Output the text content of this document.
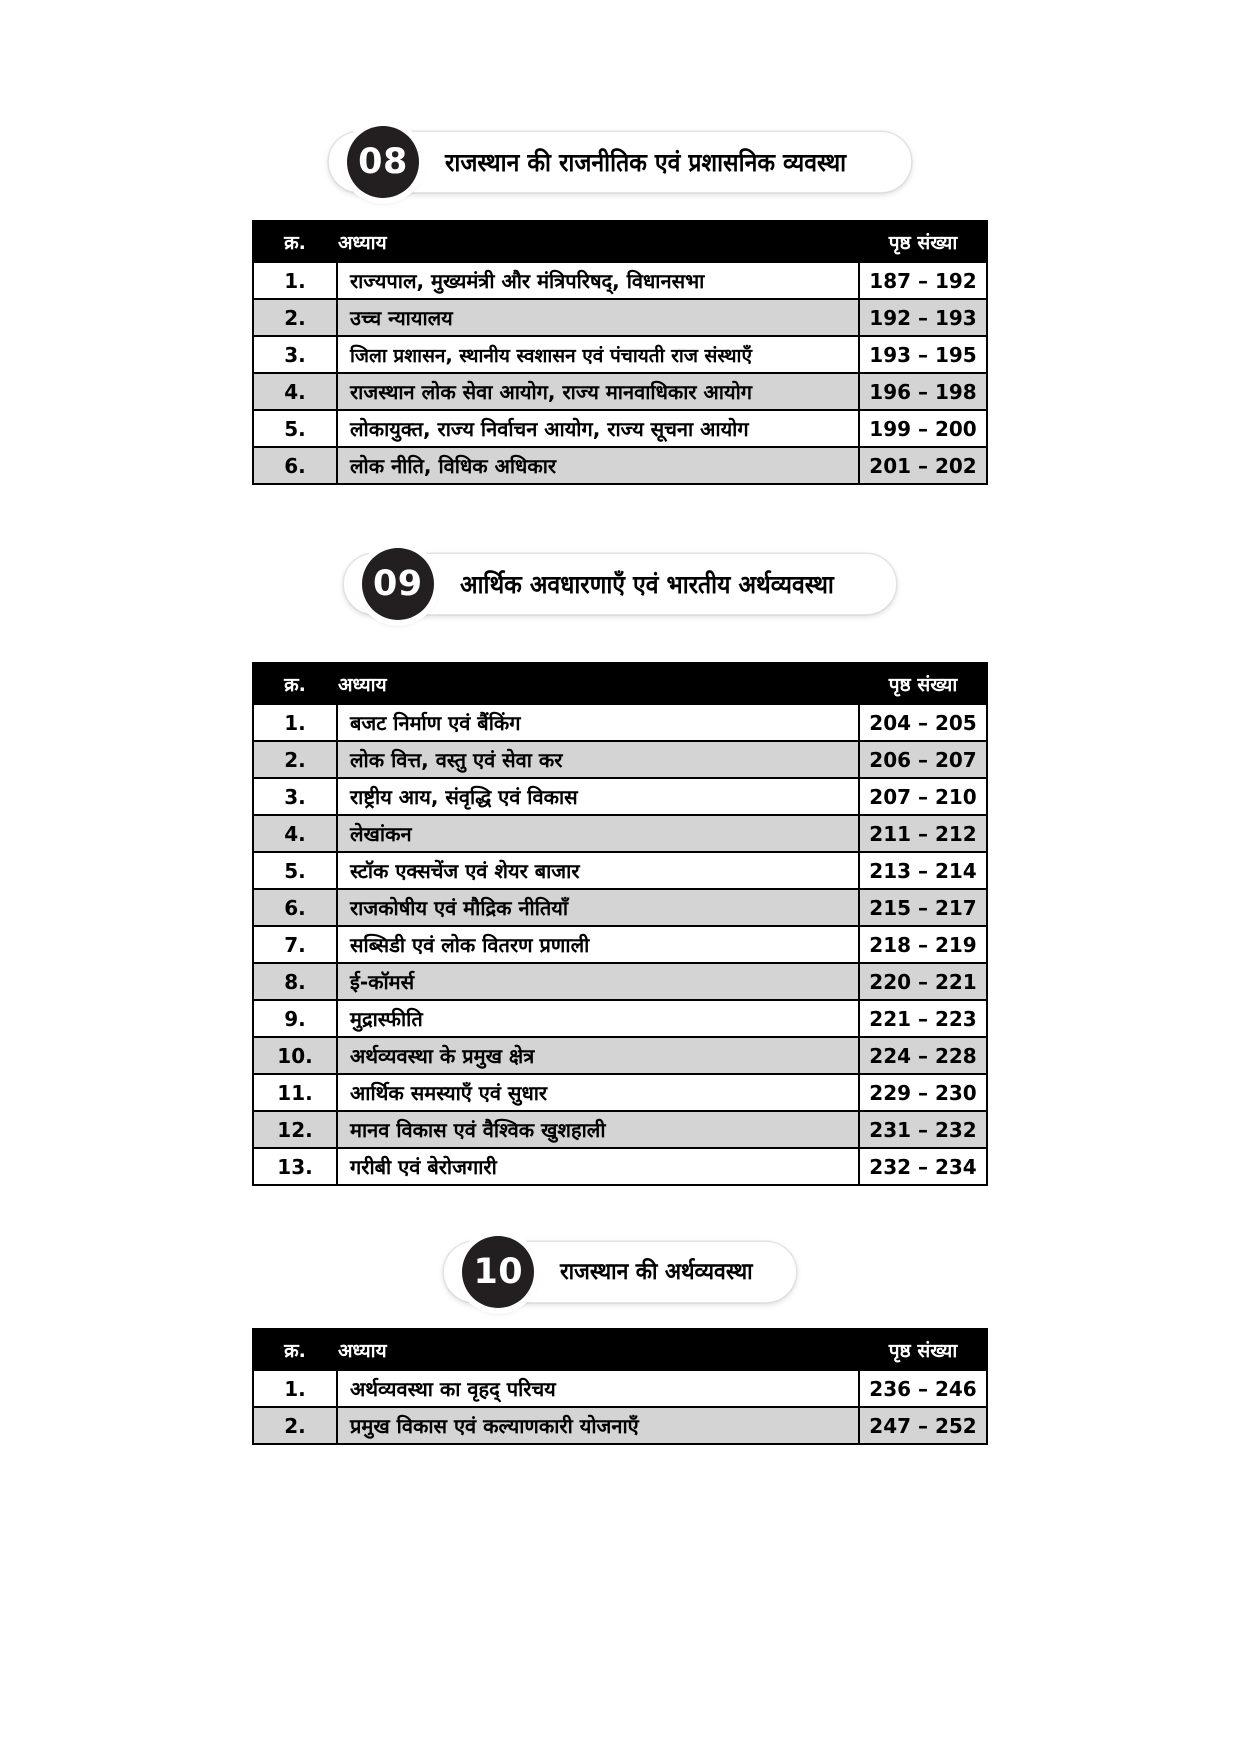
08	राजस्थान की राजनीतिक एवं प्रशासनिक व्यवस्था
क्र.	अध्याय	पृष्ठ संख्या
1.	राज्यपाल, मुख्यमंत्री और मंत्रिपरिषद्, विधानसभा	187 – 192
2.	उच्च न्यायालय	192 – 193
3.	जिला प्रशासन, स्थानीय स्वशासन एवं पंचायती राज संस्थाएँ	193 – 195
4.	राजस्थान लोक सेवा आयोग, राज्य मानवाधिकार आयोग	196 – 198
5.	लोकायुक्त, राज्य निर्वाचन आयोग, राज्य सूचना आयोग	199 – 200
6.	लोक नीति, विधिक अधिकार	201 – 202
09	आर्थिक अवधारणाएँ एवं भारतीय अर्थव्यवस्था
क्र.	अध्याय	पृष्ठ संख्या
1.	बजट निर्माण एवं बैंकिंग	204 – 205
2.	लोक वित्त, वस्तु एवं सेवा कर	206 – 207
3.	राष्ट्रीय आय, संवृद्धि एवं विकास	207 – 210
4.	लेखांकन	211 – 212
5.	स्टॉक एक्सचेंज एवं शेयर बाजार	213 – 214
6.	राजकोषीय एवं मौद्रिक नीतियाँ	215 – 217
7.	सब्सिडी एवं लोक वितरण प्रणाली	218 – 219
8.	ई-कॉमर्स	220 – 221
9.	मुद्रास्फीति	221 – 223
10.	अर्थव्यवस्था के प्रमुख क्षेत्र	224 – 228
11.	आर्थिक समस्याएँ एवं सुधार	229 – 230
12.	मानव विकास एवं वैश्विक खुशहाली	231 – 232
13.	गरीबी एवं बेरोजगारी	232 – 234
10	राजस्थान की अर्थव्यवस्था
क्र.	अध्याय	पृष्ठ संख्या
1.	अर्थव्यवस्था का वृहद् परिचय	236 – 246
2.	प्रमुख विकास एवं कल्याणकारी योजनाएँ	247 – 252
